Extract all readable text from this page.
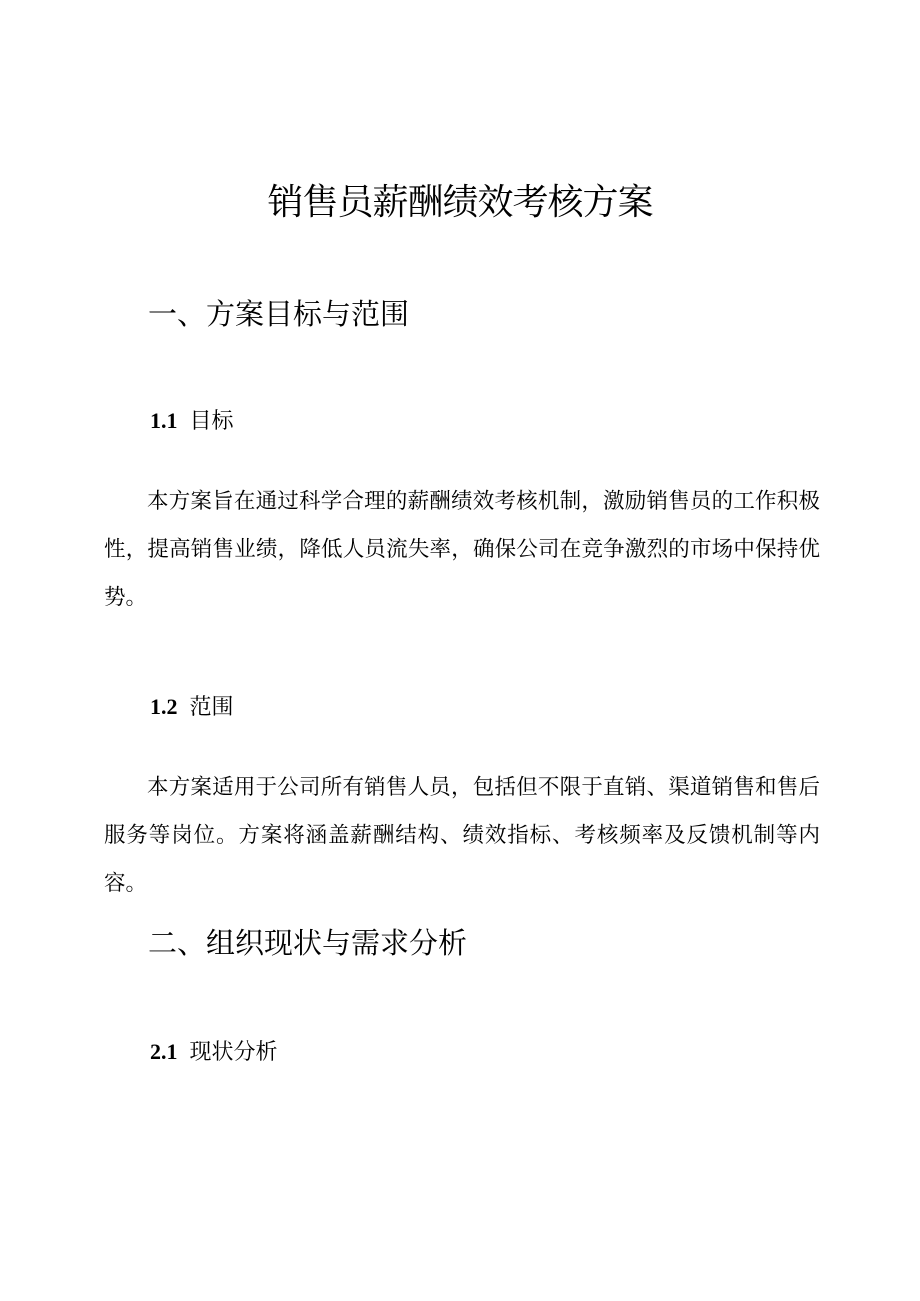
销售员薪酬绩效考核方案
一、方案目标与范围
1.1 目标

本方案旨在通过科学合理的薪酬绩效考核机制，激励销售员的工作积极性，提高销售业绩，降低人员流失率，确保公司在竞争激烈的市场中保持优势。

1.2 范围

本方案适用于公司所有销售人员，包括但不限于直销、渠道销售和售后服务等岗位。方案将涵盖薪酬结构、绩效指标、考核频率及反馈机制等内容。

二、组织现状与需求分析
2.1 现状分析
